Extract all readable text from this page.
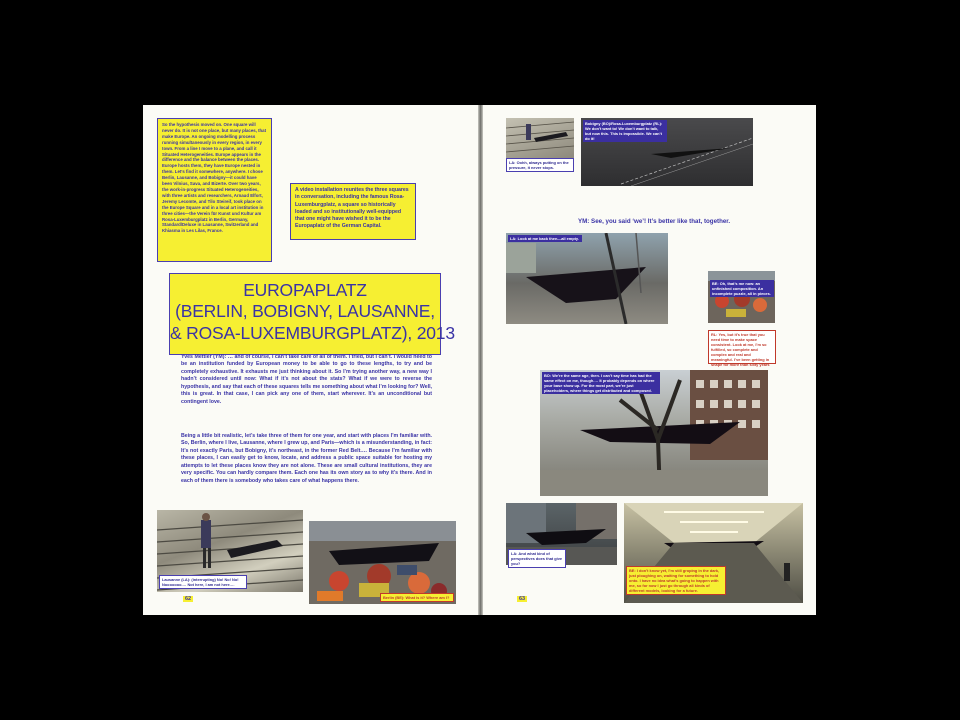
So the hypothesis moved on. One square will never do. It is not one place, but many places, that make Europe. An ongoing modelling process running simultaneously in every region, in every town. From a line I move to a plane, and call it Situated Heterogeneities. Europe appears in the difference and the balance between the places. Europe hosts them, they have Europe nested in them. Let’s find it somewhere, anywhere. I chose Berlin, Lausanne, and Bobigny—it could have been Vilnius, Sava, and Bizerte. Over two years, the work-in-progress Situated Heterogeneities, with three artists and researchers, Arnaud Elfort, Jeremy Lecomte, and Tilo Steireif, took place on the Europe Square and in a local art institution in three cities—the Verein für Kunst und Kultur am Rosa-Luxemburgplatz in Berlin, Germany, Standard/Deluxe in Lausanne, Switzerland and Khiasma in Les Lilas, France.

A video installation reunites the three squares in conversation, including the famous Rosa-Luxemburgplatz, a square so historically loaded and so institutionally well-equipped that one might have wished it to be the Europaplatz of the German Capital.

EUROPAPLATZ
(BERLIN, BOBIGNY, LAUSANNE,
& ROSA-LUXEMBURGPLATZ), 2013
Yves Mettler (YM): … and of course, I can’t take care of all of them. I tried, but I can’t. I would need to be an institution funded by European money to be able to go to these lengths, to try and be completely exhaustive. It exhausts me just thinking about it. So I’m trying another way, a new way I hadn’t considered until now: What if it’s not about the stats? What if we were to reverse the hypothesis, and say that each of these squares tells me something about what I’m looking for? Well, this is great. In that case, I can pick any one of them, start wherever. It’s an unconditional but contingent love.
Being a little bit realistic, let’s take three of them for one year, and start with places I’m familiar with. So, Berlin, where I live, Lausanne, where I grew up, and Paris—which is a misunderstanding, in fact: It’s not exactly Paris, but Bobigny, it’s northeast, in the former Red Belt.… Because I’m familiar with these places, I can easily get to know, locate, and address a public space suitable for hosting my attempts to let these places know they are not alone. These are small cultural institutions, they are very specific. You can hardly compare them. Each one has its own story as to why it’s there. And in each of them there is somebody who takes care of what happens there.
Lausanne (LA): (interrupting) No! No! No! Nooooooo.… Not here, I am not here.…
Berlin (BE): What is it? Where am I?
62
LA: Oohh, always putting on the pressure, it never stops.
Bobigny (BO)/Rosa-Luxemburgplatz (RL): We don’t want to! We don’t want to talk, but now this. This is impossible. We can’t do it!
YM: See, you said ‘we’! It’s better like that, together.
LA: Look at me back then—all empty.
BE: Oh, that’s me now: an unfinished composition. An incomplete puzzle, all in pieces.
RL: Yes, but it’s true that you need time to make space consistent. Look at me, I’m so fulfilled, so complete and complex and real and meaningful. I’ve been getting in shape for more than sixty years
BO: We’re the same age, then. I can’t say time has had the same effect on me, though.… It probably depends on where your base show up. For the most part, we’re just placeholders, where things get distributed and composed.
LA: And what kind of perspectives does that give you?
BE: I don’t know yet, I’m still groping in the dark, just ploughing on, waiting for something to hold onto. I have no idea what’s going to happen with me, so for now I just go through all kinds of different models, looking for a future.
63
